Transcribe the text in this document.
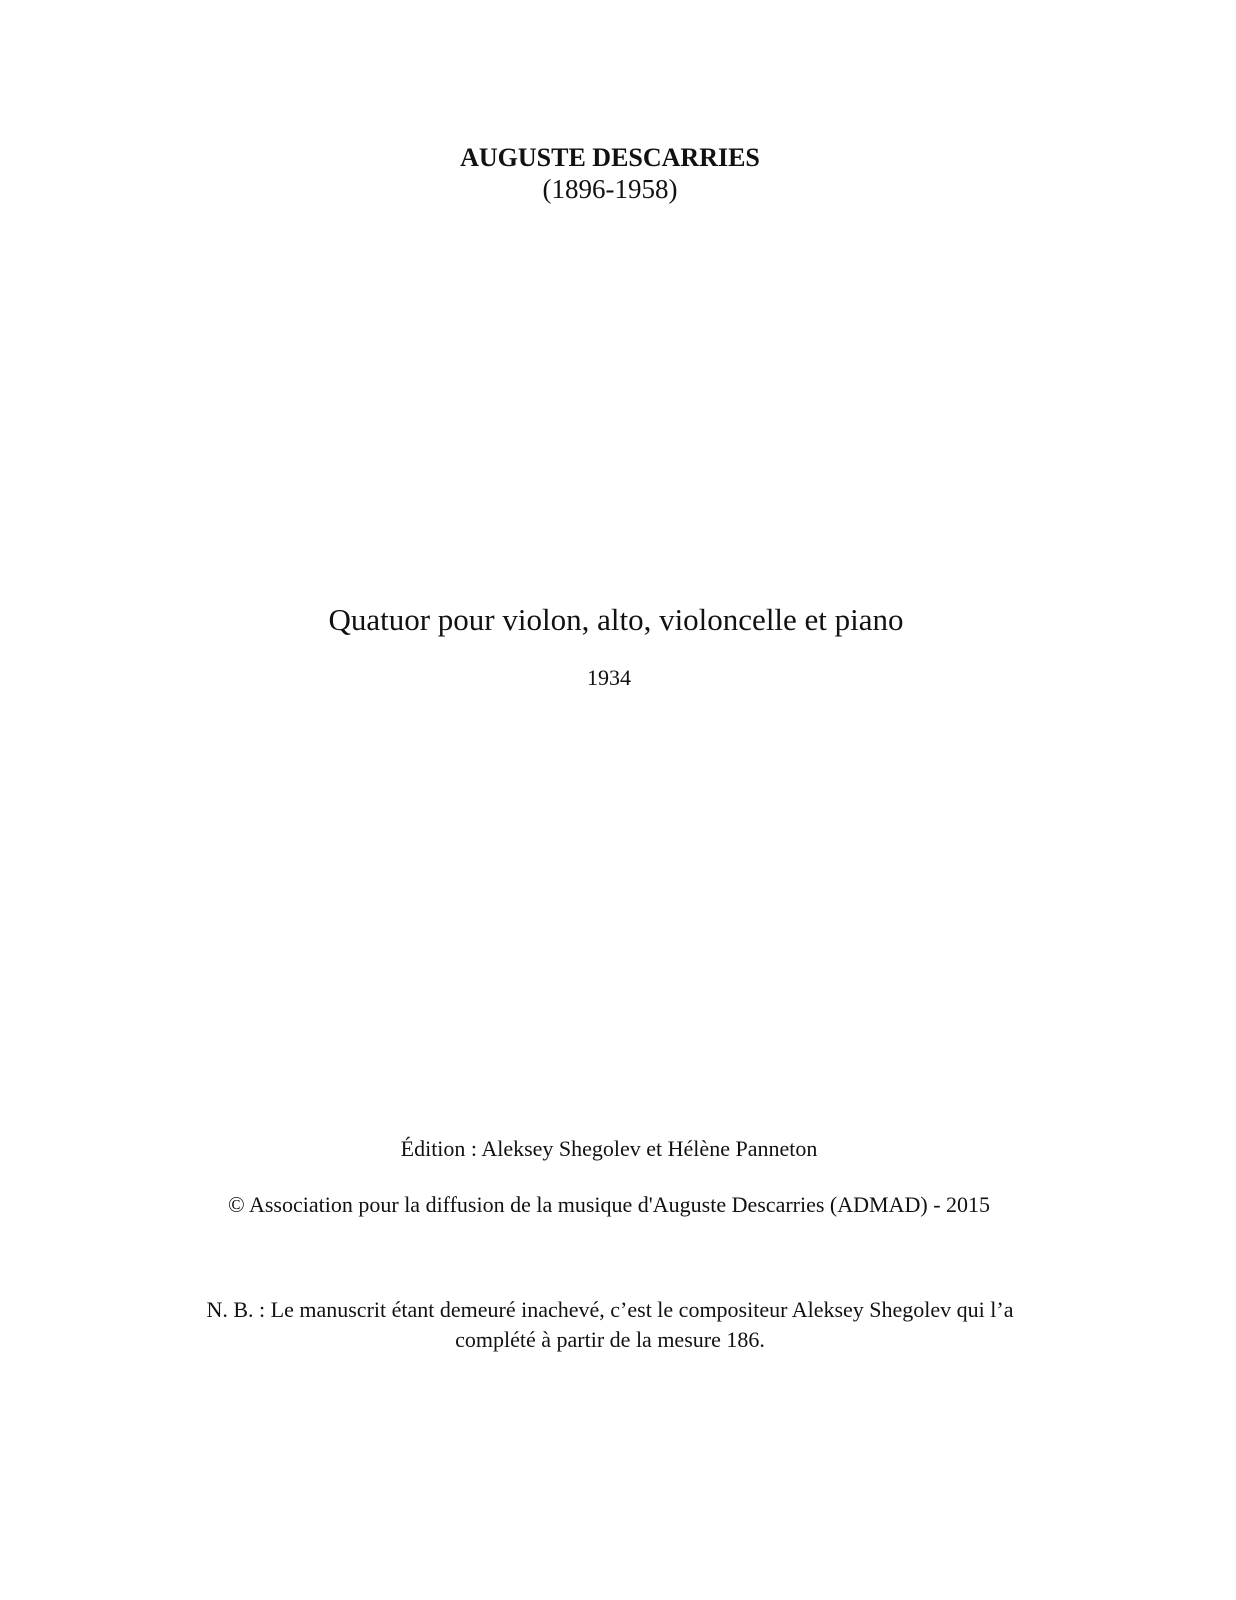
AUGUSTE DESCARRIES
(1896-1958)
Quatuor pour violon, alto, violoncelle et piano
1934
Édition : Aleksey Shegolev et Hélène Panneton
© Association pour la diffusion de la musique d'Auguste Descarries (ADMAD) - 2015
N. B. : Le manuscrit étant demeuré inachevé, c’est le compositeur Aleksey Shegolev qui l’a
complété à partir de la mesure 186.
